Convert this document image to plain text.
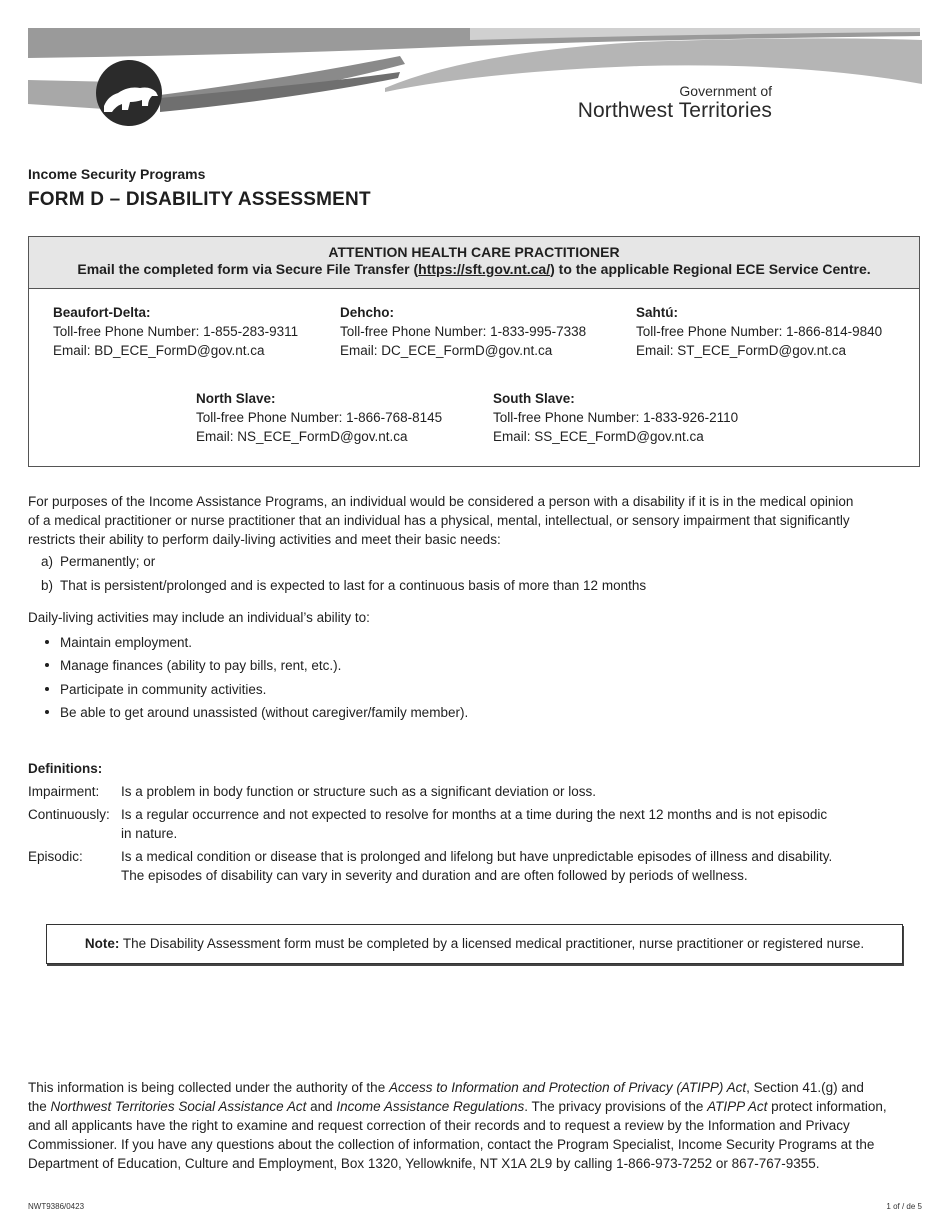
Government of
Northwest Territories
Income Security Programs
FORM D – DISABILITY ASSESSMENT
ATTENTION HEALTH CARE PRACTITIONER
Email the completed form via Secure File Transfer (https://sft.gov.nt.ca/) to the applicable Regional ECE Service Centre.
Beaufort-Delta:
Toll-free Phone Number: 1-855-283-9311
Email: BD_ECE_FormD@gov.nt.ca
Dehcho:
Toll-free Phone Number: 1-833-995-7338
Email: DC_ECE_FormD@gov.nt.ca
Sahtú:
Toll-free Phone Number: 1-866-814-9840
Email: ST_ECE_FormD@gov.nt.ca
North Slave:
Toll-free Phone Number: 1-866-768-8145
Email: NS_ECE_FormD@gov.nt.ca
South Slave:
Toll-free Phone Number: 1-833-926-2110
Email: SS_ECE_FormD@gov.nt.ca
For purposes of the Income Assistance Programs, an individual would be considered a person with a disability if it is in the medical opinion
of a medical practitioner or nurse practitioner that an individual has a physical, mental, intellectual, or sensory impairment that significantly
restricts their ability to perform daily-living activities and meet their basic needs:
a) Permanently; or
b) That is persistent/prolonged and is expected to last for a continuous basis of more than 12 months
Daily-living activities may include an individual’s ability to:
Maintain employment.
Manage finances (ability to pay bills, rent, etc.).
Participate in community activities.
Be able to get around unassisted (without caregiver/family member).
Definitions:
Impairment: Is a problem in body function or structure such as a significant deviation or loss.
Continuously: Is a regular occurrence and not expected to resolve for months at a time during the next 12 months and is not episodic
in nature.
Episodic:	Is a medical condition or disease that is prolonged and lifelong but have unpredictable episodes of illness and disability.
The episodes of disability can vary in severity and duration and are often followed by periods of wellness.
Note: The Disability Assessment form must be completed by a licensed medical practitioner, nurse practitioner or registered nurse.
This information is being collected under the authority of the Access to Information and Protection of Privacy (ATIPP) Act, Section 41.(g) and
the Northwest Territories Social Assistance Act and Income Assistance Regulations. The privacy provisions of the ATIPP Act protect information,
and all applicants have the right to examine and request correction of their records and to request a review by the Information and Privacy
Commissioner. If you have any questions about the collection of information, contact the Program Specialist, Income Security Programs at the
Department of Education, Culture and Employment, Box 1320, Yellowknife, NT X1A 2L9 by calling 1-866-973-7252 or 867-767-9355.
NWT9386/0423	1 of / de 5
